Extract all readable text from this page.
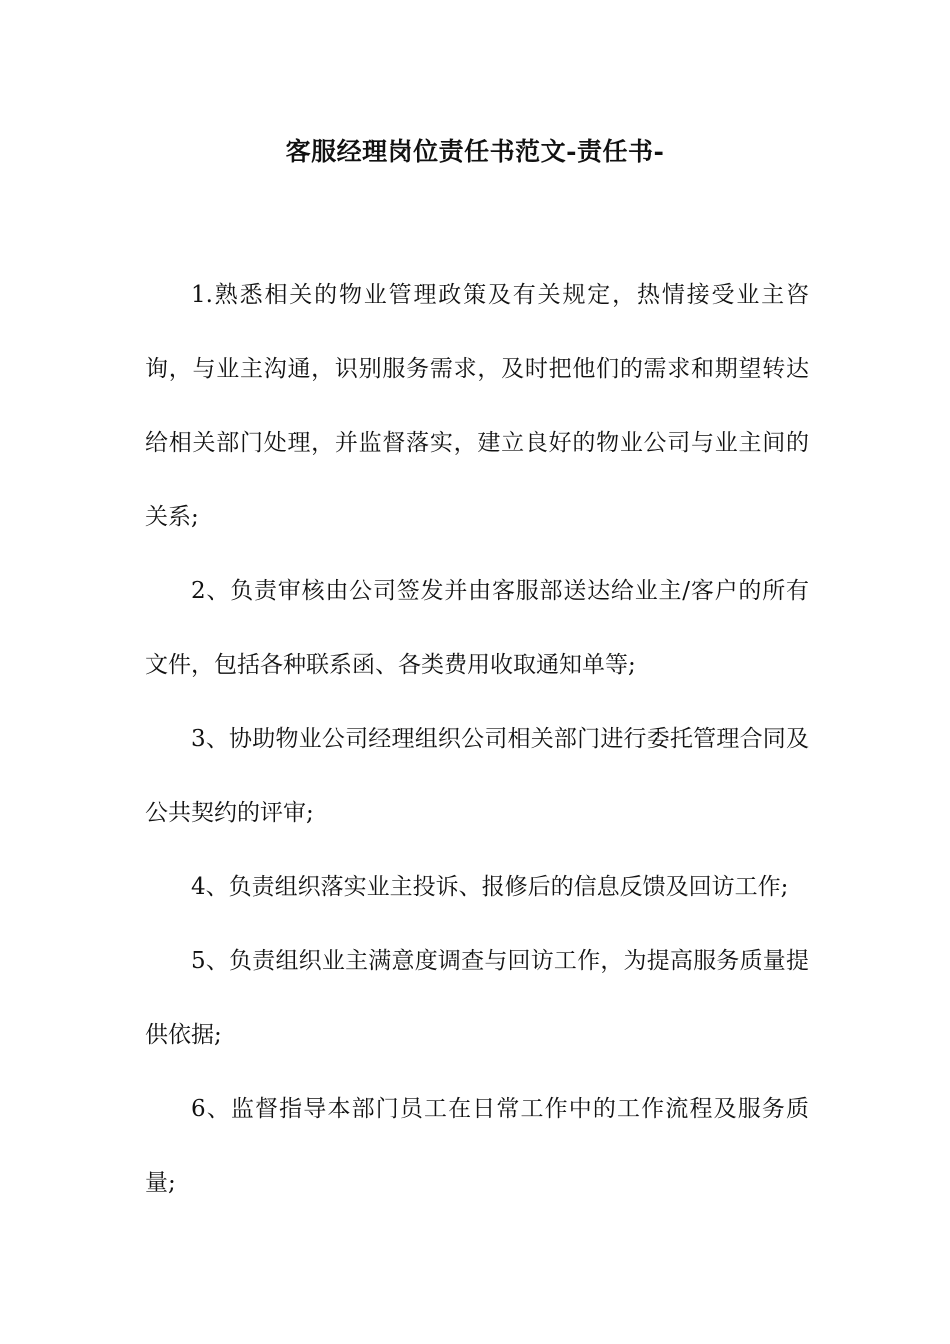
客服经理岗位责任书范文-责任书-

1.熟悉相关的物业管理政策及有关规定，热情接受业主咨询，与业主沟通，识别服务需求，及时把他们的需求和期望转达给相关部门处理，并监督落实，建立良好的物业公司与业主间的关系;

2、负责审核由公司签发并由客服部送达给业主/客户的所有文件，包括各种联系函、各类费用收取通知单等;

3、协助物业公司经理组织公司相关部门进行委托管理合同及公共契约的评审;

4、负责组织落实业主投诉、报修后的信息反馈及回访工作;

5、负责组织业主满意度调查与回访工作，为提高服务质量提供依据;

6、监督指导本部门员工在日常工作中的工作流程及服务质量;
